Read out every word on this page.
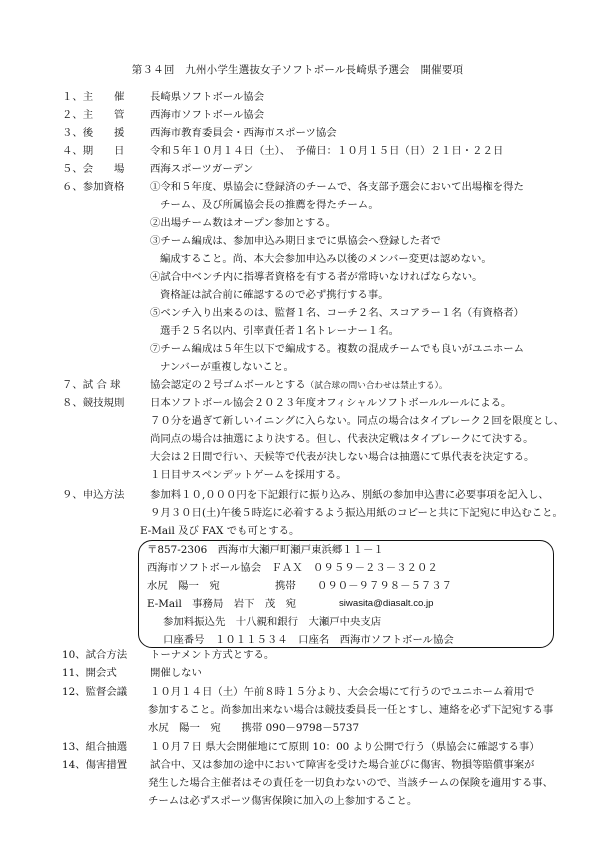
第３４回　九州小学生選抜女子ソフトボール長崎県予選会　開催要項
１、主　　催	長崎県ソフトボール協会
２、主　　管	西海市ソフトボール協会
３、後　　援	西海市教育委員会・西海市スポーツ協会
４、期　　日	令和５年１０月１４日（土）、　予備日：１０月１５日（日）２１日・２２日
５、会　　場	西海スポーツガーデン
６、参加資格	①令和５年度、県協会に登録済のチームで、各支部予選会において出場権を得た
チーム、及び所属協会長の推薦を得たチーム。
②出場チーム数はオープン参加とする。
③チーム編成は、参加申込み期日までに県協会へ登録した者で
編成すること。尚、本大会参加申込み以後のメンバー変更は認めない。
④試合中ベンチ内に指導者資格を有する者が常時いなければならない。
資格証は試合前に確認するので必ず携行する事。
⑤ベンチ入り出来るのは、監督１名、コーチ２名、スコアラー１名（有資格者）
選手２５名以内、引率責任者１名トレーナー１名。
⑦チーム編成は５年生以下で編成する。複数の混成チームでも良いがユニホーム
ナンバーが重複しないこと。
７、試 合 球	協会認定の２号ゴムボールとする（試合球の問い合わせは禁止する）。
８、競技規則	日本ソフトボール協会２０２３年度オフィシャルソフトボールルールによる。
７０分を過ぎて新しいイニングに入らない。同点の場合はタイブレーク２回を限度とし、
尚同点の場合は抽選により決する。但し、代表決定戦はタイブレークにて決する。
大会は２日間で行い、天候等で代表が決しない場合は抽選にて県代表を決定する。
１日目サスペンデットゲームを採用する。
９、申込方法	参加料１０,０００円を下記銀行に振り込み、別紙の参加申込書に必要事項を記入し、
９月３０日(土)午後５時迄に必着するよう振込用紙のコピーと共に下記宛に申込むこと。
E-Mail 及び FAX でも可とする。
〒857-2306　西海市大瀬戸町瀬戸東浜郷１１－１
西海市ソフトボール協会　ＦＡＸ　０９５９－２３－３２０２
水尻　陽一　宛	携帯 ０９０－９７９８－５７３７
E-Mail　事務局　岩下　茂　宛	siwasita@diasalt.co.jp
参加料振込先　十八親和銀行　大瀬戸中央支店
口座番号　１０１１５３４　口座名　西海市ソフトボール協会
10、試合方法	トーナメント方式とする。
11、開会式	開催しない
12、監督会議	１０月１４日（土）午前８時１５分より、大会会場にて行うのでユニホーム着用で
参加すること。尚参加出来ない場合は競技委員長一任とすし、連絡を必ず下記宛する事
水尻　陽一　宛　　携帯 090－9798－5737
13、組合抽選	１０月７日 県大会開催地にて原則 10：00 より公開で行う（県協会に確認する事）
14、傷害措置	試合中、又は参加の途中において障害を受けた場合並びに傷害、物損等賠償事案が
発生した場合主催者はその責任を一切負わないので、当該チームの保険を適用する事、
チームは必ずスポーツ傷害保険に加入の上参加すること。
